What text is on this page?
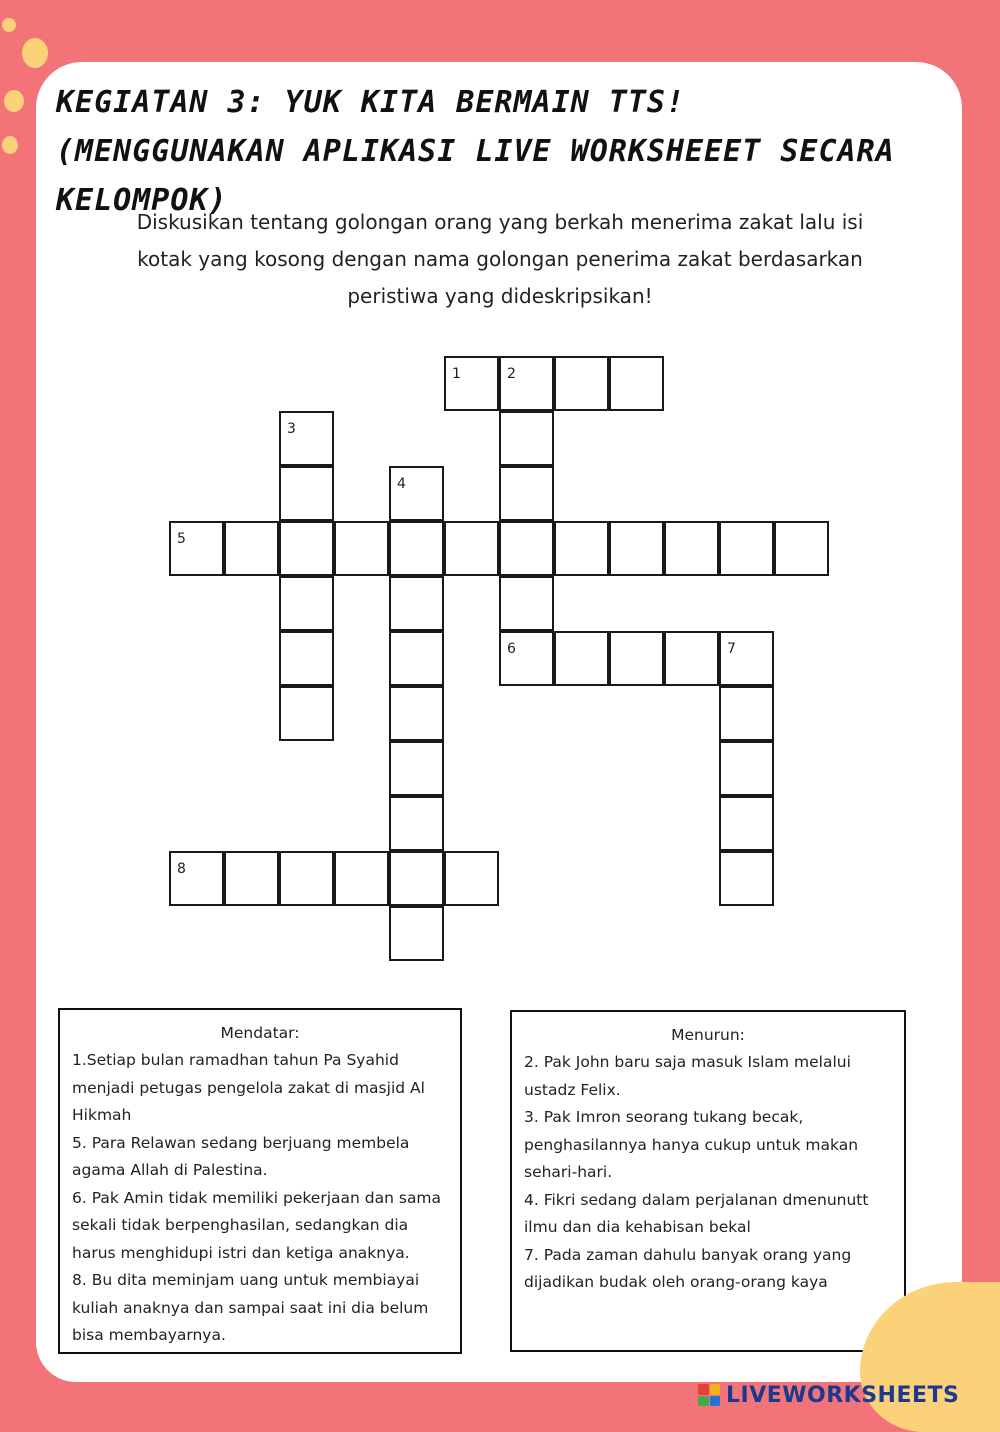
KEGIATAN 3: YUK KITA BERMAIN TTS! (MENGGUNAKAN APLIKASI LIVE WORKSHEEET SECARA KELOMPOK)

Diskusikan tentang golongan orang yang berkah menerima zakat lalu isi kotak yang kosong dengan nama golongan penerima zakat berdasarkan peristiwa yang dideskripsikan!

1	2
3
4
5
6	7
8
Mendatar:

1.Setiap bulan ramadhan tahun Pa Syahid menjadi petugas pengelola zakat di masjid Al Hikmah

5. Para Relawan sedang berjuang membela agama Allah di Palestina.

6. Pak Amin tidak memiliki pekerjaan dan sama sekali tidak berpenghasilan, sedangkan dia harus menghidupi istri dan ketiga anaknya.

8. Bu dita meminjam uang untuk membiayai kuliah anaknya dan sampai saat ini dia belum bisa membayarnya.

Menurun:

2. Pak John baru saja masuk Islam melalui ustadz Felix.

3. Pak Imron seorang tukang becak, penghasilannya hanya cukup untuk makan sehari-hari.

4. Fikri sedang dalam perjalanan dmenunutt ilmu dan dia kehabisan bekal

7. Pada zaman dahulu banyak orang yang dijadikan budak oleh orang-orang kaya

LIVEWORKSHEETS
